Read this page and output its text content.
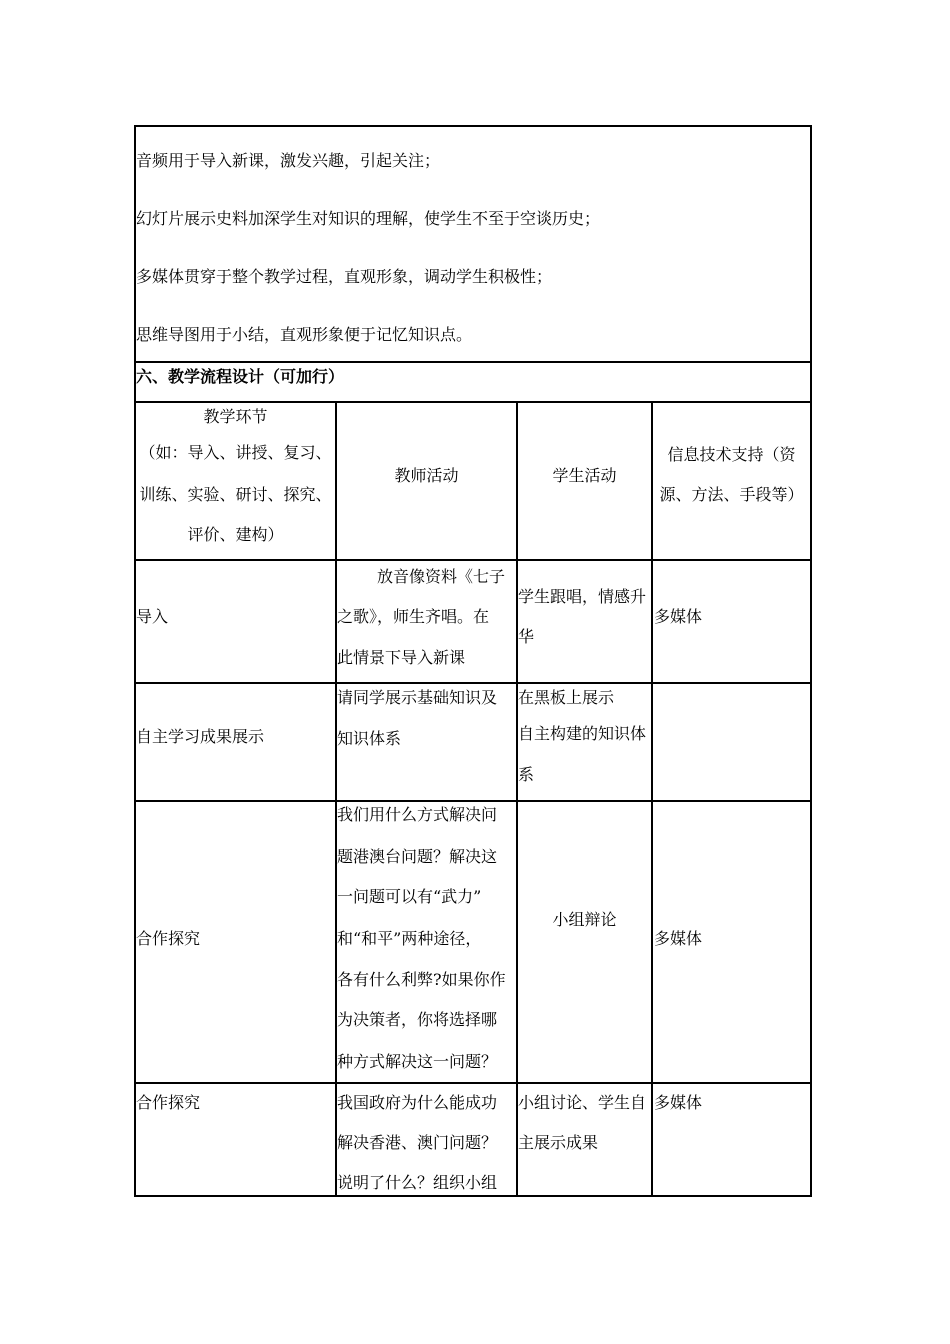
音频用于导入新课，激发兴趣，引起关注；
幻灯片展示史料加深学生对知识的理解，使学生不至于空谈历史；
多媒体贯穿于整个教学过程，直观形象，调动学生积极性；
思维导图用于小结，直观形象便于记忆知识点。
六、教学流程设计（可加行）
教学环节
（如：导入、讲授、复习、
训练、实验、研讨、探究、
评价、建构）
教师活动	学生活动
信息技术支持（资
源、方法、手段等）
导入
放音像资料《七子
之歌》，师生齐唱。在
此情景下导入新课
学生跟唱，情感升
华
多媒体
自主学习成果展示
请同学展示基础知识及
知识体系
在黑板上展示
自主构建的知识体
系
合作探究
我们用什么方式解决问
题港澳台问题？解决这
一问题可以有“武力”
和“和平”两种途径，
各有什么利弊?如果你作
为决策者，你将选择哪
种方式解决这一问题？
小组辩论
多媒体
合作探究	我国政府为什么能成功
解决香港、澳门问题？
说明了什么？组织小组
小组讨论、学生自
主展示成果
多媒体
